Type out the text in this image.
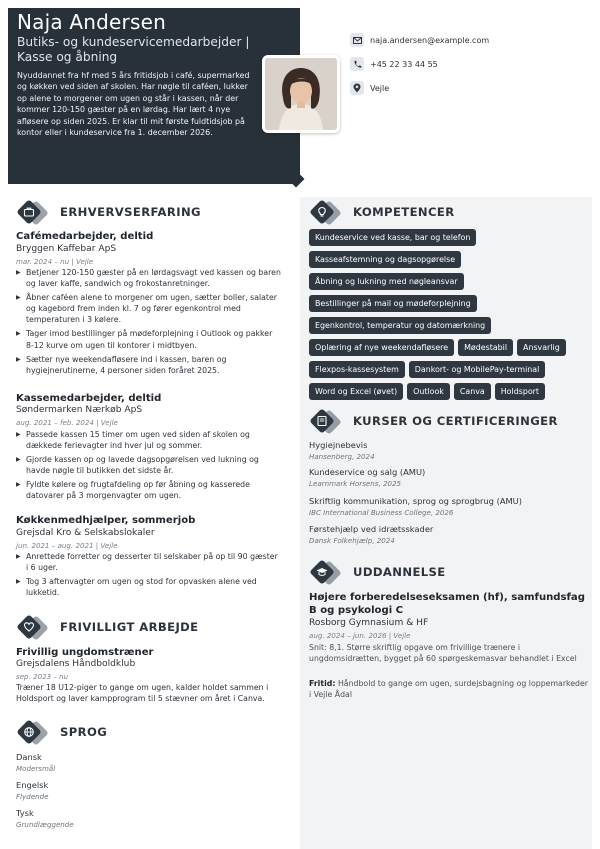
Naja Andersen
Butiks- og kundeservicemedarbejder | Kasse og åbning
Nyuddannet fra hf med 5 års fritidsjob i café, supermarked og køkken ved siden af skolen. Har nøgle til caféen, lukker op alene to morgener om ugen og står i kassen, når der kommer 120-150 gæster på en lørdag. Har lært 4 nye afløsere op siden 2025. Er klar til mit første fuldtidsjob på kontor eller i kundeservice fra 1. december 2026.
naja.andersen@example.com
+45 22 33 44 55
Vejle
ERHVERVSERFARING
Cafémedarbejder, deltid
Bryggen Kaffebar ApS
mar. 2024 – nu | Vejle
▶ Betjener 120-150 gæster på en lørdagsvagt ved kassen og baren og laver kaffe, sandwich og frokostanretninger.
▶ Åbner caféen alene to morgener om ugen, sætter boller, salater og kagebord frem inden kl. 7 og fører egenkontrol med temperaturen i 3 kølere.
▶ Tager imod bestillinger på mødeforplejning i Outlook og pakker 8-12 kurve om ugen til kontorer i midtbyen.
▶ Sætter nye weekendafløsere ind i kassen, baren og hygiejnerutinerne, 4 personer siden foråret 2025.
Kassemedarbejder, deltid
Søndermarken Nærkøb ApS
aug. 2021 – feb. 2024 | Vejle
▶ Passede kassen 15 timer om ugen ved siden af skolen og dækkede ferievagter ind hver jul og sommer.
▶ Gjorde kassen op og lavede dagsopgørelsen ved lukning og havde nøgle til butikken det sidste år.
▶ Fyldte kølere og frugtafdeling op før åbning og kasserede datovarer på 3 morgenvagter om ugen.
Køkkenmedhjælper, sommerjob
Grejsdal Kro & Selskabslokaler
jun. 2021 – aug. 2021 | Vejle
▶ Anrettede forretter og desserter til selskaber på op til 90 gæster i 6 uger.
▶ Tog 3 aftenvagter om ugen og stod for opvasken alene ved lukketid.
FRIVILLIGT ARBEJDE
Frivillig ungdomstræner
Grejsdalens Håndboldklub
sep. 2023 – nu
Træner 18 U12-piger to gange om ugen, kalder holdet sammen i Holdsport og laver kampprogram til 5 stævner om året i Canva.
SPROG
Dansk
Modersmål
Engelsk
Flydende
Tysk
Grundlæggende
KOMPETENCER
Kundeservice ved kasse, bar og telefon
Kasseafstemning og dagsopgørelse
Åbning og lukning med nøgleansvar
Bestillinger på mail og mødeforplejning
Egenkontrol, temperatur og datomærkning
Oplæring af nye weekendafløsere	Mødestabil	Ansvarlig
Flexpos-kassesystem	Dankort- og MobilePay-terminal
Word og Excel (øvet)	Outlook	Canva	Holdsport
KURSER OG CERTIFICERINGER
Hygiejnebevis
Hansenberg, 2024
Kundeservice og salg (AMU)
Learnmark Horsens, 2025
Skriftlig kommunikation, sprog og sprogbrug (AMU)
IBC International Business College, 2026
Førstehjælp ved idrætsskader
Dansk Folkehjælp, 2024
UDDANNELSE
Højere forberedelseseksamen (hf), samfundsfag B og psykologi C
Rosborg Gymnasium & HF
aug. 2024 – jun. 2026 | Vejle
Snit: 8,1. Større skriftlig opgave om frivillige trænere i ungdomsidrætten, bygget på 60 spørgeskemasvar behandlet i Excel
Fritid: Håndbold to gange om ugen, surdejsbagning og loppemarkeder i Vejle Ådal
